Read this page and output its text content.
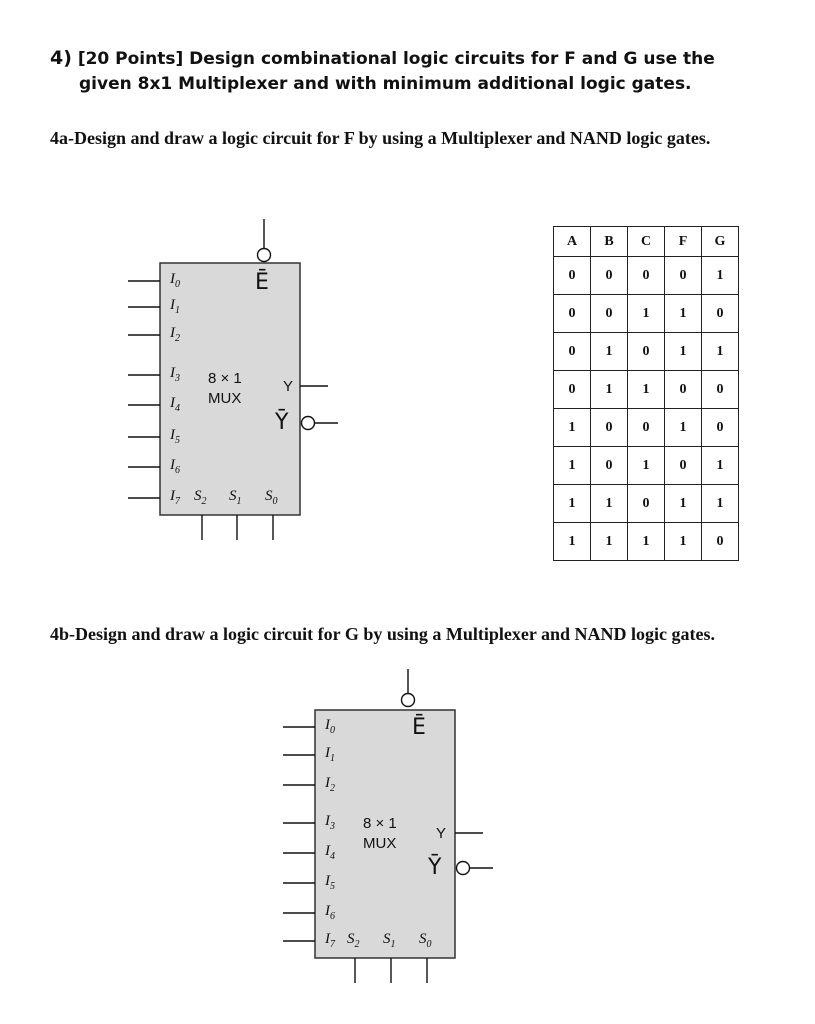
4) [20 Points] Design combinational logic circuits for F and G use the
given 8x1 Multiplexer and with minimum additional logic gates.
4a-Design and draw a logic circuit for F by using a Multiplexer and NAND logic gates.
$I_0$
$I_1$
$I_2$
$I_3$
$I_4$
$I_5$
$I_6$
$I_7$ $S_2$ $S_1$ $S_0$
8 × 1
MUX
Y
Ȳ
Ē
A	B	C	F	G
0	0	0	0	1
0	0	1	1	0
0	1	0	1	1
0	1	1	0	0
1	0	0	1	0
1	0	1	0	1
1	1	0	1	1
1	1	1	1	0
4b-Design and draw a logic circuit for G by using a Multiplexer and NAND logic gates.
$I_0$
$I_1$
$I_2$
$I_3$
$I_4$
$I_5$
$I_6$
$I_7$ $S_2$ $S_1$ $S_0$
8 × 1
MUX
Y
Ȳ
Ē
